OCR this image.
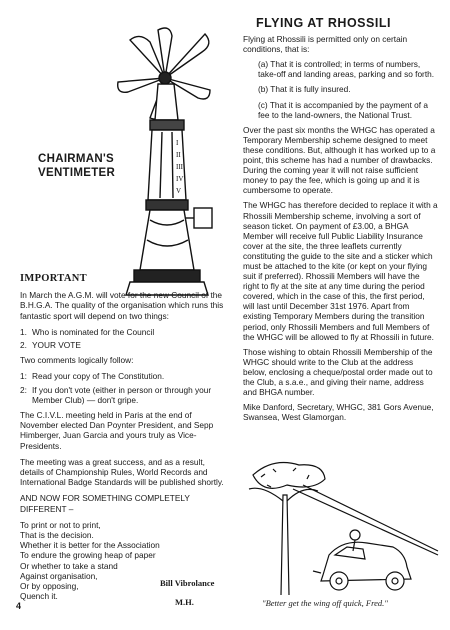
I
II
III
IV
V
CHAIRMAN'S
VENTIMETER
IMPORTANT

In March the A.G.M. will vote for the new Council of the B.H.G.A. The quality of the organisation which runs this fantastic sport will depend on two things:

1. Who is nominated for the Council
2. YOUR VOTE

Two comments logically follow:

1: Read your copy of The Constitution.
2: If you don't vote (either in person or through your Member Club) — don't gripe.

The C.I.V.L. meeting held in Paris at the end of November elected Dan Poynter President, and Sepp Himberger, Juan Garcia and yours truly as Vice-Presidents.

The meeting was a great success, and as a result, details of Championship Rules, World Records and International Badge Standards will be published shortly.

AND NOW FOR SOMETHING COMPLETELY DIFFERENT –

To print or not to print,
That is the decision.
Whether it is better for the Association
To endure the growing heap of paper
Or whether to take a stand
Against organisation,
Or by opposing,
Quench it.
Bill Vibrolance
M.H.
4
FLYING AT RHOSSILI

Flying at Rhossili is permitted only on certain conditions, that is:

(a) That it is controlled; in terms of numbers, take-off and landing areas, parking and so forth.

(b) That it is fully insured.

(c) That it is accompanied by the payment of a fee to the land-owners, the National Trust.

Over the past six months the WHGC has operated a Temporary Membership scheme designed to meet these conditions. But, although it has worked up to a point, this scheme has had a number of drawbacks. During the coming year it will not raise sufficient money to pay the fee, which is going up and it is cumbersome to operate.

The WHGC has therefore decided to replace it with a Rhossili Membership scheme, involving a sort of season ticket. On payment of £3.00, a BHGA Member will receive full Public Liability Insurance cover at the site, the three leaflets currently constituting the guide to the site and a sticker which must be attached to the kite (or kept on your flying suit if preferred). Rhossili Members will have the right to fly at the site at any time during the period covered, which in the case of this, the first period, will last until December 31st 1976. Apart from existing Temporary Members during the transition period, only Rhossili Members and full Members of the WHGC will be allowed to fly at Rhossili in future.

Those wishing to obtain Rhossili Membership of the WHGC should write to the Club at the address below, enclosing a cheque/postal order made out to the Club, a s.a.e., and giving their name, address and BHGA number.

Mike Danford, Secretary, WHGC, 381 Gors Avenue, Swansea, West Glamorgan.

"Better get the wing off quick, Fred."
